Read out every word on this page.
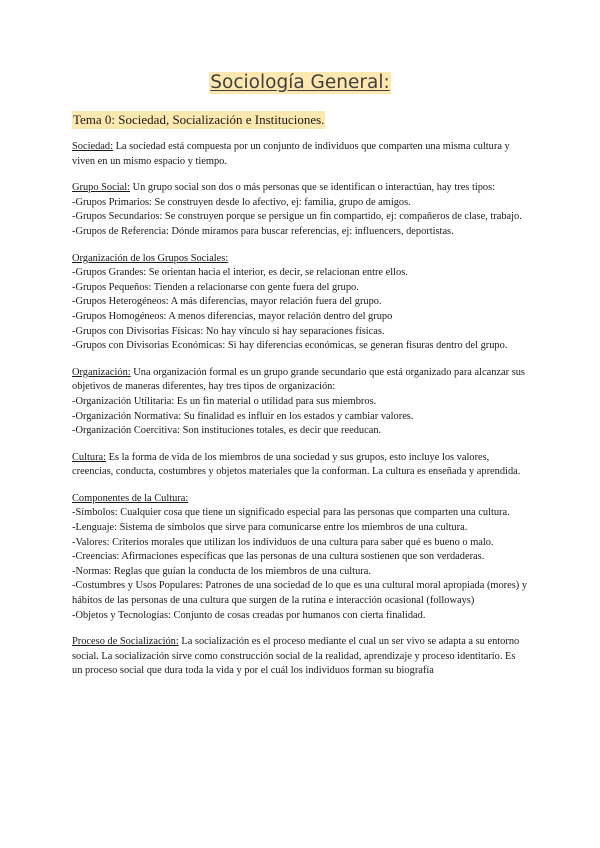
Sociología General:
Tema 0: Sociedad, Socialización e Instituciones.

Sociedad: La sociedad está compuesta por un conjunto de individuos que comparten una misma cultura y viven en un mismo espacio y tiempo.

Grupo Social: Un grupo social son dos o más personas que se identifican o interactúan, hay tres tipos:

-Grupos Primarios: Se construyen desde lo afectivo, ej: familia, grupo de amigos.

-Grupos Secundarios: Se construyen porque se persigue un fin compartido, ej: compañeros de clase, trabajo.

-Grupos de Referencia: Dónde miramos para buscar referencias, ej: influencers, deportistas.

Organización de los Grupos Sociales:

-Grupos Grandes: Se orientan hacia el interior, es decir, se relacionan entre ellos.

-Grupos Pequeños: Tienden a relacionarse con gente fuera del grupo.

-Grupos Heterogéneos: A más diferencias, mayor relación fuera del grupo.

-Grupos Homogéneos: A menos diferencias, mayor relación dentro del grupo

-Grupos con Divisorias Físicas: No hay vínculo si hay separaciones físicas.

-Grupos con Divisorias Económicas: Si hay diferencias económicas, se generan fisuras dentro del grupo.

Organización: Una organización formal es un grupo grande secundario que está organizado para alcanzar sus objetivos de maneras diferentes, hay tres tipos de organización:

-Organización Utilitaria: Es un fin material o utilidad para sus miembros.

-Organización Normativa: Su finalidad es influir en los estados y cambiar valores.

-Organización Coercitiva: Son instituciones totales, es decir que reeducan.

Cultura: Es la forma de vida de los miembros de una sociedad y sus grupos, esto incluye los valores, creencias, conducta, costumbres y objetos materiales que la conforman. La cultura es enseñada y aprendida.

Componentes de la Cultura:

-Símbolos: Cualquier cosa que tiene un significado especial para las personas que comparten una cultura.

-Lenguaje: Sistema de símbolos que sirve para comunicarse entre los miembros de una cultura.

-Valores: Criterios morales que utilizan los individuos de una cultura para saber qué es bueno o malo.

-Creencias: Afirmaciones específicas que las personas de una cultura sostienen que son verdaderas.

-Normas: Reglas que guían la conducta de los miembros de una cultura.

-Costumbres y Usos Populares: Patrones de una sociedad de lo que es una cultural moral apropiada (mores) y hábitos de las personas de una cultura que surgen de la rutina e interacción ocasional (followays)

-Objetos y Tecnologías: Conjunto de cosas creadas por humanos con cierta finalidad.

Proceso de Socialización: La socialización es el proceso mediante el cual un ser vivo se adapta a su entorno social. La socialización sirve como construcción social de la realidad, aprendizaje y proceso identitario. Es un proceso social que dura toda la vida y por el cuál los individuos forman su biografía
